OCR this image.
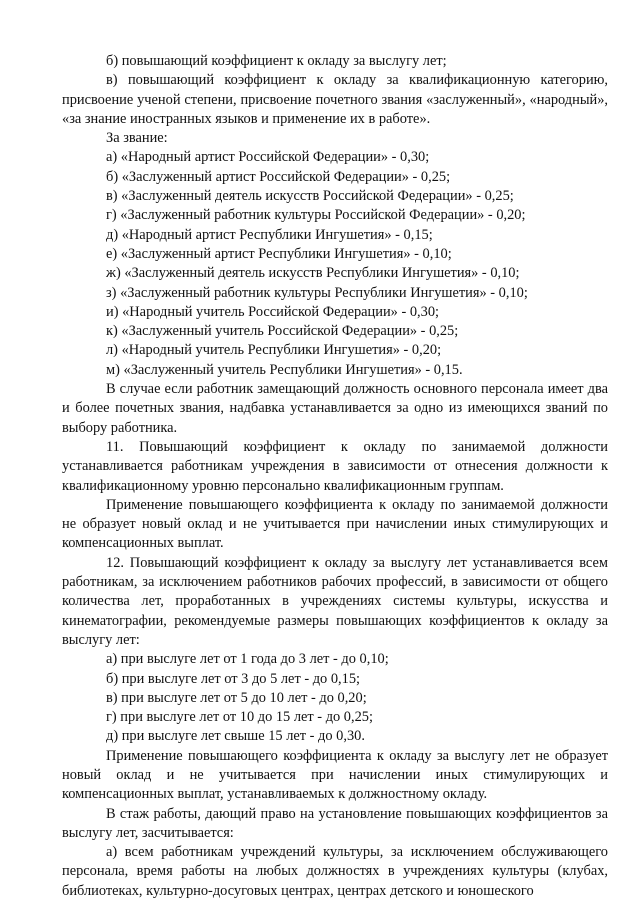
б) повышающий коэффициент к окладу за выслугу лет;

в) повышающий коэффициент к окладу за квалификационную категорию, присвоение ученой степени, присвоение почетного звания «заслуженный», «народный», «за знание иностранных языков и применение их в работе».

За звание:

а) «Народный артист Российской Федерации» - 0,30;

б) «Заслуженный артист Российской Федерации» - 0,25;

в) «Заслуженный деятель искусств Российской Федерации» - 0,25;

г) «Заслуженный работник культуры Российской Федерации» - 0,20;

д) «Народный артист Республики Ингушетия» - 0,15;

е) «Заслуженный артист Республики Ингушетия» - 0,10;

ж) «Заслуженный деятель искусств Республики Ингушетия» - 0,10;

з) «Заслуженный работник культуры Республики Ингушетия» - 0,10;

и) «Народный учитель Российской Федерации» - 0,30;

к) «Заслуженный учитель Российской Федерации» - 0,25;

л) «Народный учитель Республики Ингушетия» - 0,20;

м) «Заслуженный учитель Республики Ингушетия» - 0,15.

В случае если работник замещающий должность основного персонала имеет два и более почетных звания, надбавка устанавливается за одно из имеющихся званий по выбору работника.

11. Повышающий коэффициент к окладу по занимаемой должности устанавливается работникам учреждения в зависимости от отнесения должности к квалификационному уровню персонально квалификационным группам.

Применение повышающего коэффициента к окладу по занимаемой должности не образует новый оклад и не учитывается при начислении иных стимулирующих и компенсационных выплат.

12. Повышающий коэффициент к окладу за выслугу лет устанавливается всем работникам, за исключением работников рабочих профессий, в зависимости от общего количества лет, проработанных в учреждениях системы культуры, искусства и кинематографии, рекомендуемые размеры повышающих коэффициентов к окладу за выслугу лет:

а) при выслуге лет от 1 года до 3 лет - до 0,10;

б) при выслуге лет от 3 до 5 лет - до 0,15;

в) при выслуге лет от 5 до 10 лет - до 0,20;

г) при выслуге лет от 10 до 15 лет - до 0,25;

д) при выслуге лет свыше 15 лет - до 0,30.

Применение повышающего коэффициента к окладу за выслугу лет не образует новый оклад и не учитывается при начислении иных стимулирующих и компенсационных выплат, устанавливаемых к должностному окладу.

В стаж работы, дающий право на установление повышающих коэффициентов за выслугу лет, засчитывается:

а) всем работникам учреждений культуры, за исключением обслуживающего персонала, время работы на любых должностях в учреждениях культуры (клубах, библиотеках, культурно-досуговых центрах, центрах детского и юношеского
